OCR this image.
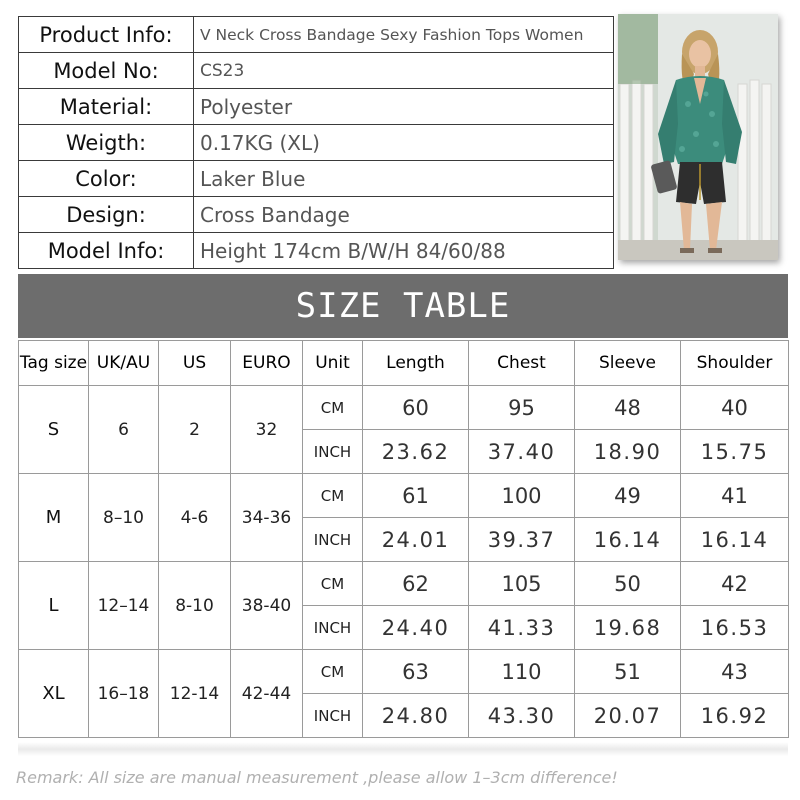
Product Info:	V Neck Cross Bandage Sexy Fashion Tops Women
Model No:	CS23
Material:	Polyester
Weigth:	0.17KG (XL)
Color:	Laker Blue
Design:	Cross Bandage
Model Info:	Height 174cm B/W/H 84/60/88
SIZE TABLE
Tag size	UK/AU	US	EURO	Unit	Length	Chest	Sleeve	Shoulder
S	6	2	32	CM	60	95	48	40
				INCH	23.62	37.40	18.90	15.75
M	8–10	4-6	34-36	CM	61	100	49	41
				INCH	24.01	39.37	16.14	16.14
L	12–14	8-10	38-40	CM	62	105	50	42
				INCH	24.40	41.33	19.68	16.53
XL	16–18	12-14	42-44	CM	63	110	51	43
				INCH	24.80	43.30	20.07	16.92
Remark: All size are manual measurement ,please allow 1–3cm difference!
